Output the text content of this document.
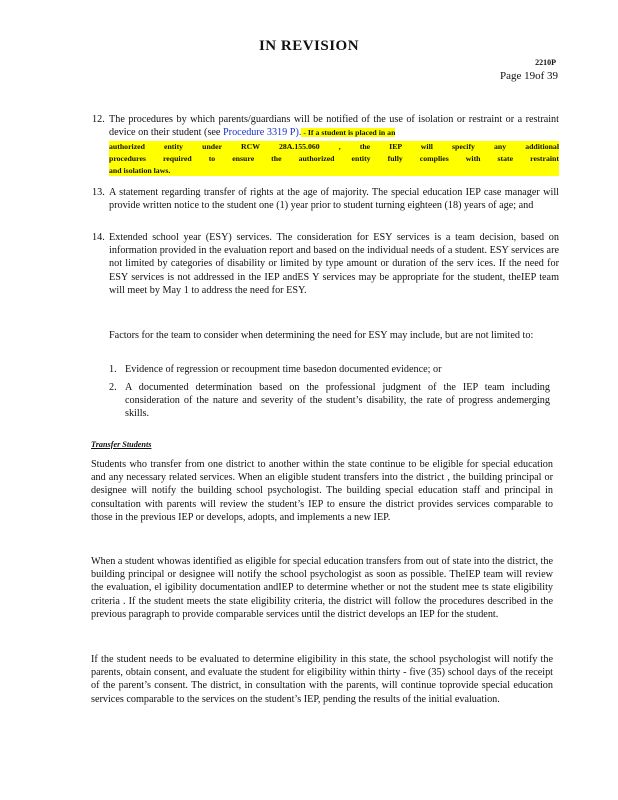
IN REVISION
2210P
Page 19of 39
12. The procedures by which parents/guardians will be notified of the use of isolation or restraint or a restraint device on their student (see Procedure 3319 P). - If a student is placed in an
authorized entity under RCW 28A.155.060 , the IEP will specify any additional
procedures required to ensure the authorized entity fully complies with state restraint
and isolation laws.
13. A statement regarding transfer of rights at the age of majority. The special education IEP case manager will provide written notice to the student one (1) year prior to student turning eighteen (18) years of age; and
14. Extended school year (ESY) services. The consideration for ESY services is a team decision, based on information provided in the evaluation report and based on the individual needs of a student. ESY services are not limited by categories of disability or limited by type amount or duration of the serv ices. If the need for ESY services is not addressed in the IEP andES Y services may be appropriate for the student, theIEP team will meet by May 1 to address the need for ESY.
Factors for the team to consider when determining the need for ESY may include, but are not limited to:
1. Evidence of regression or recoupment time basedon documented evidence; or
2. A documented determination based on the professional judgment of the IEP team including consideration of the nature and severity of the student’s disability, the rate of progress andemerging skills.
Transfer Students
Students who transfer from one district to another within the state continue to be eligible for special education and any necessary related services. When an eligible student transfers into the district , the building principal or designee will notify the building school psychologist. The building special education staff and principal in consultation with parents will review the student’s IEP to ensure the district provides services comparable to those in the previous IEP or develops, adopts, and implements a new IEP.
When a student whowas identified as eligible for special education transfers from out of state into the district, the building principal or designee will notify the school psychologist as soon as possible. TheIEP team will review the evaluation, el igibility documentation andIEP to determine whether or not the student mee ts state eligibility criteria . If the student meets the state eligibility criteria, the district will follow the procedures described in the previous paragraph to provide comparable services until the district develops an IEP for the student.
If the student needs to be evaluated to determine eligibility in this state, the school psychologist will notify the parents, obtain consent, and evaluate the student for eligibility within thirty - five (35) school days of the receipt of the parent’s consent. The district, in consultation with the parents, will continue toprovide special education services comparable to the services on the student’s IEP, pending the results of the initial evaluation.
